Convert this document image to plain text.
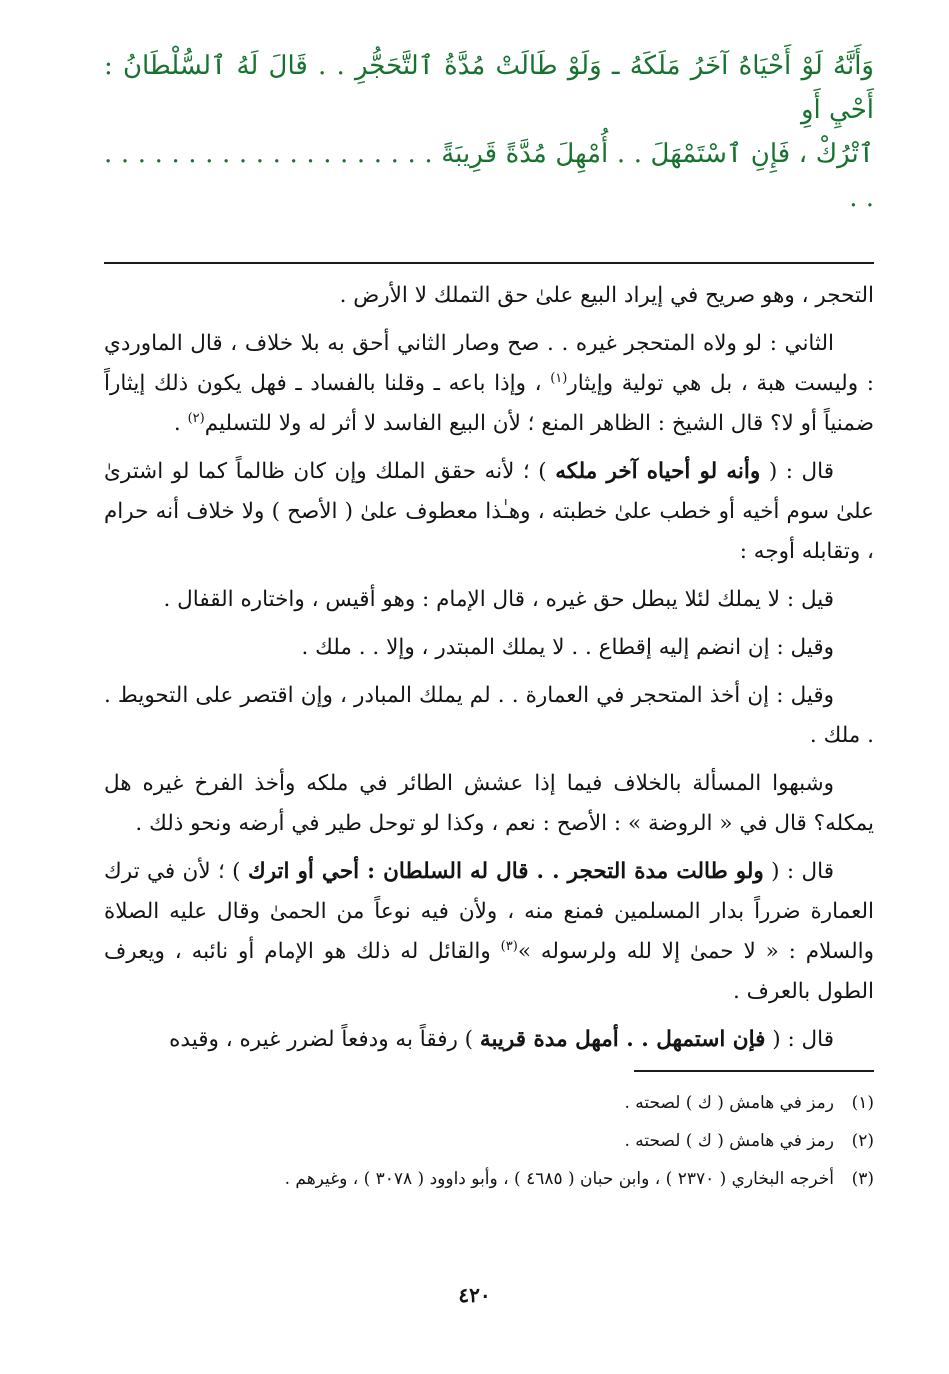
وَأَنَّهُ لَوْ أَحْيَاهُ آخَرُ مَلَكَهُ ـ وَلَوْ طَالَتْ مُدَّةُ ٱلتَّحَجُّرِ . . قَالَ لَهُ ٱلسُّلْطَانُ : أَحْيِ أَوِ

ٱتْرُكْ ، فَإِنِ ٱسْتَمْهَلَ . . أُمْهِلَ مُدَّةً قَرِيبَةً . . . . . . . . . . . . . . . . . . . . . .

التحجر ، وهو صريح في إيراد البيع علىٰ حق التملك لا الأرض .

الثاني : لو ولاه المتحجر غيره . . صح وصار الثاني أحق به بلا خلاف ، قال الماوردي : وليست هبة ، بل هي تولية وإيثار$^{(١)}$ ، وإذا باعه ـ وقلنا بالفساد ـ فهل يكون ذلك إيثاراً ضمنياً أو لا؟ قال الشيخ : الظاهر المنع ؛ لأن البيع الفاسد لا أثر له ولا للتسليم$^{(٢)}$ .

قال : ( وأنه لو أحياه آخر ملكه ) ؛ لأنه حقق الملك وإن كان ظالماً كما لو اشترىٰ علىٰ سوم أخيه أو خطب علىٰ خطبته ، وهـٰذا معطوف علىٰ ( الأصح ) ولا خلاف أنه حرام ، وتقابله أوجه :

قيل : لا يملك لئلا يبطل حق غيره ، قال الإمام : وهو أقيس ، واختاره القفال .

وقيل : إن انضم إليه إقطاع . . لا يملك المبتدر ، وإلا . . ملك .

وقيل : إن أخذ المتحجر في العمارة . . لم يملك المبادر ، وإن اقتصر على التحويط . . ملك .

وشبهوا المسألة بالخلاف فيما إذا عشش الطائر في ملكه وأخذ الفرخ غيره هل يمكله؟ قال في « الروضة » : الأصح : نعم ، وكذا لو توحل طير في أرضه ونحو ذلك .

قال : ( ولو طالت مدة التحجر . . قال له السلطان : أحي أو اترك ) ؛ لأن في ترك العمارة ضرراً بدار المسلمين فمنع منه ، ولأن فيه نوعاً من الحمىٰ وقال عليه الصلاة والسلام : « لا حمىٰ إلا لله ولرسوله »$^{(٣)}$ والقائل له ذلك هو الإمام أو نائبه ، ويعرف الطول بالعرف .

قال : ( فإن استمهل . . أمهل مدة قريبة ) رفقاً به ودفعاً لضرر غيره ، وقيده

(١)رمز في هامش ( ك ) لصحته .

(٢)رمز في هامش ( ك ) لصحته .

(٣)أخرجه البخاري ( ٢٣٧٠ ) ، وابن حبان ( ٤٦٨٥ ) ، وأبو داوود ( ٣٠٧٨ ) ، وغيرهم .

٤٢٠
